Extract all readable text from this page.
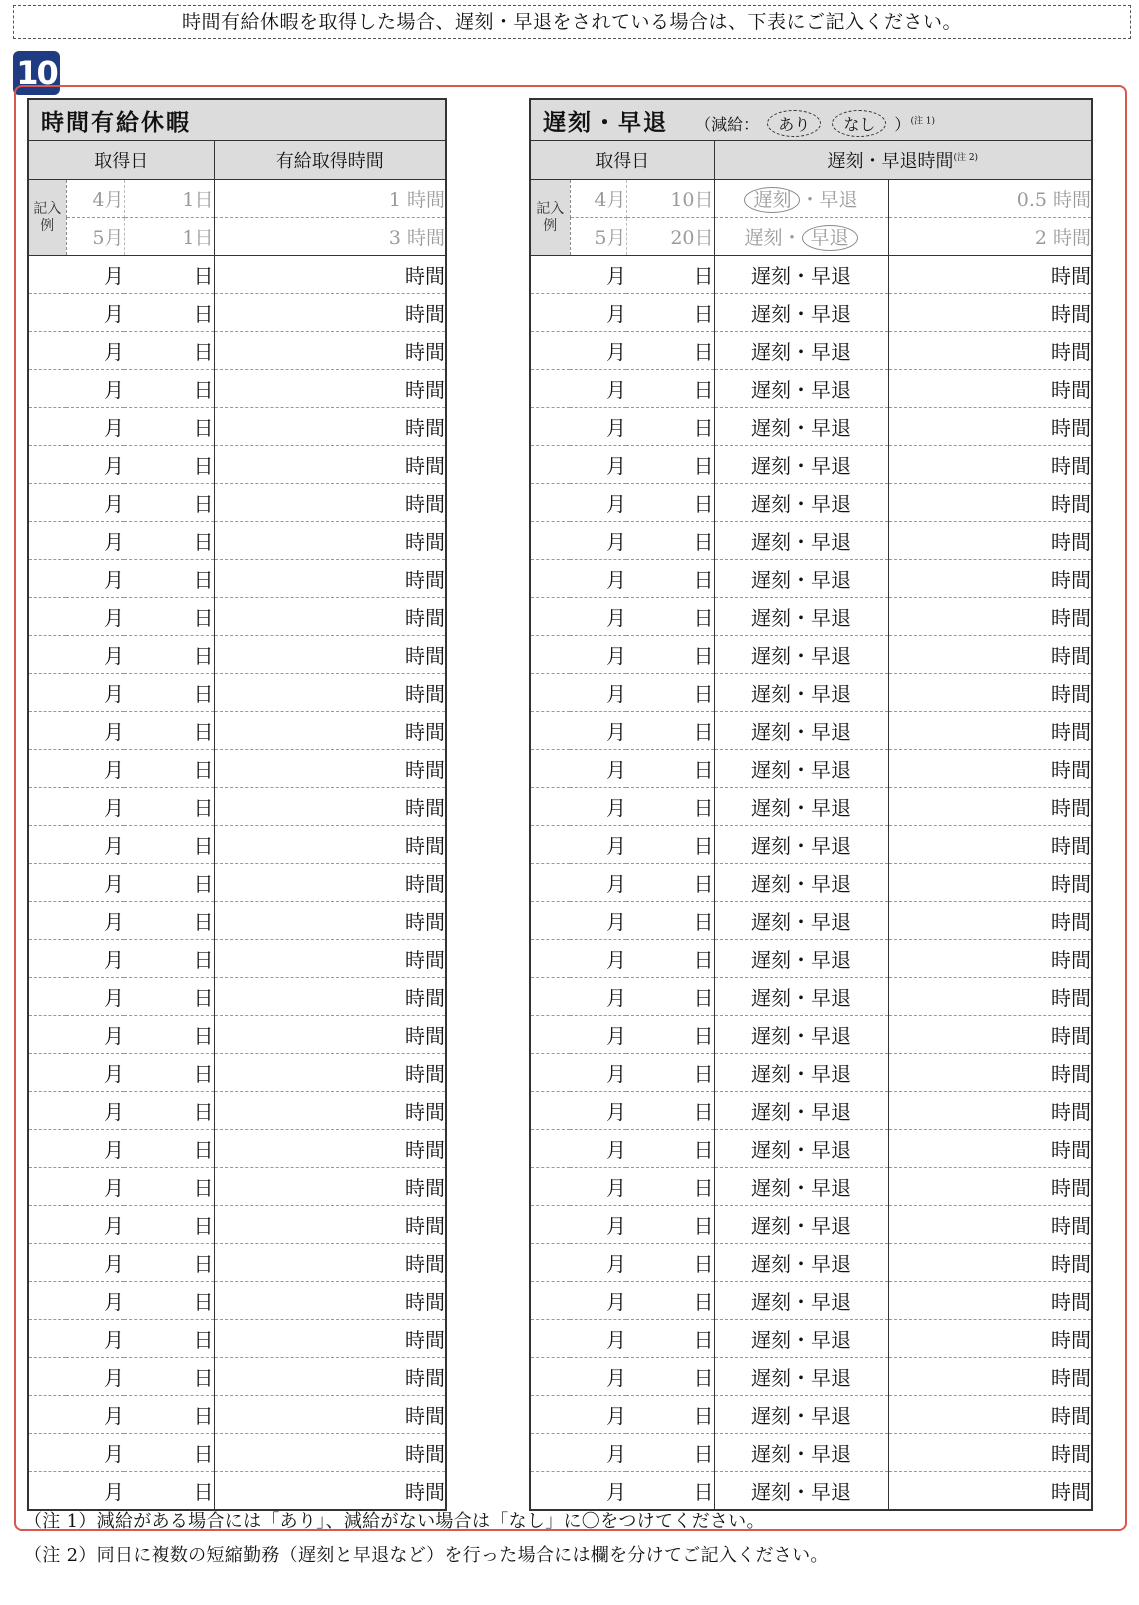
時間有給休暇を取得した場合、遅刻・早退をされている場合は、下表にご記入ください。
10
時間有給休暇			
取得日			有給取得時間
記入例	4月	1日	1 時間
	5月	1日	3 時間
月		日	時間
月		日	時間
月		日	時間
月		日	時間
月		日	時間
月		日	時間
月		日	時間
月		日	時間
月		日	時間
月		日	時間
月		日	時間
月		日	時間
月		日	時間
月		日	時間
月		日	時間
月		日	時間
月		日	時間
月		日	時間
月		日	時間
月		日	時間
月		日	時間
月		日	時間
月		日	時間
月		日	時間
月		日	時間
月		日	時間
月		日	時間
月		日	時間
月		日	時間
月		日	時間
月		日	時間
月		日	時間
月		日	時間
遅刻・早退 （減給： あり なし ）$^{(注 1)}$
取得日			遅刻・早退時間$^{(注 2)}$
記入例	4月	10日	遅刻 ・早退	0.5 時間
	5月	20日	遅刻・ 早退	2 時間
月		日	遅刻・早退	時間
月		日	遅刻・早退	時間
月		日	遅刻・早退	時間
月		日	遅刻・早退	時間
月		日	遅刻・早退	時間
月		日	遅刻・早退	時間
月		日	遅刻・早退	時間
月		日	遅刻・早退	時間
月		日	遅刻・早退	時間
月		日	遅刻・早退	時間
月		日	遅刻・早退	時間
月		日	遅刻・早退	時間
月		日	遅刻・早退	時間
月		日	遅刻・早退	時間
月		日	遅刻・早退	時間
月		日	遅刻・早退	時間
月		日	遅刻・早退	時間
月		日	遅刻・早退	時間
月		日	遅刻・早退	時間
月		日	遅刻・早退	時間
月		日	遅刻・早退	時間
月		日	遅刻・早退	時間
月		日	遅刻・早退	時間
月		日	遅刻・早退	時間
月		日	遅刻・早退	時間
月		日	遅刻・早退	時間
月		日	遅刻・早退	時間
月		日	遅刻・早退	時間
月		日	遅刻・早退	時間
月		日	遅刻・早退	時間
月		日	遅刻・早退	時間
月		日	遅刻・早退	時間
月		日	遅刻・早退	時間
（注 1）減給がある場合には「あり」、減給がない場合は「なし」に〇をつけてください。
（注 2）同日に複数の短縮勤務（遅刻と早退など）を行った場合には欄を分けてご記入ください。
